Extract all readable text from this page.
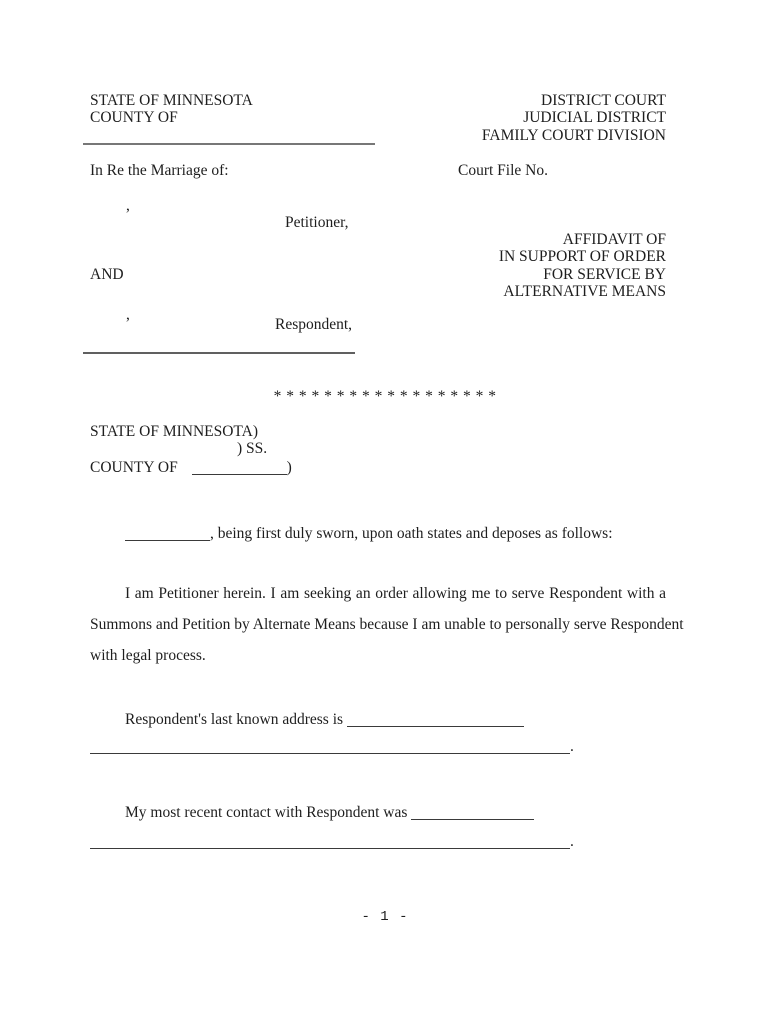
STATE OF MINNESOTA
COUNTY OF
DISTRICT COURT
JUDICIAL DISTRICT
FAMILY COURT DIVISION
In Re the Marriage of:	Court File No.
,
Petitioner,
AFFIDAVIT OF
IN SUPPORT OF ORDER
FOR SERVICE BY
ALTERNATIVE MEANS
AND
,
Respondent,
* * * * * * * * * * * * * * * * * *
STATE OF MINNESOTA)
) SS.
COUNTY OF	)
, being first duly sworn, upon oath states and deposes as follows:
I am Petitioner herein. I am seeking an order allowing me to serve Respondent with a
Summons and Petition by Alternate Means because I am unable to personally serve Respondent
with legal process.
Respondent's last known address is
.
My most recent contact with Respondent was
.
- 1 -
